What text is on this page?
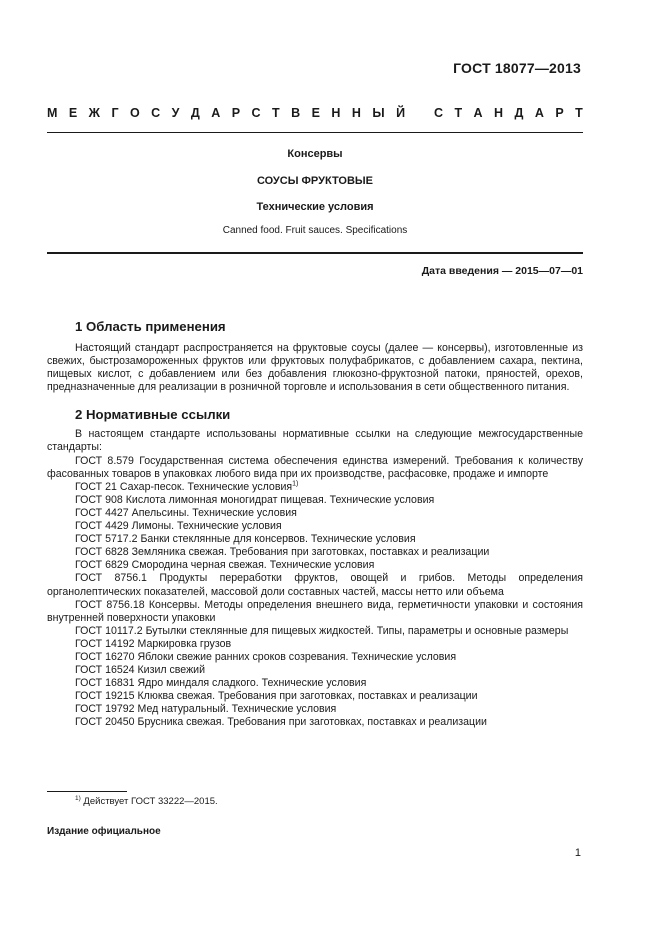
ГОСТ 18077—2013
М Е Ж Г О С У Д А Р С Т В Е Н Н Ы Й С Т А Н Д А Р Т
Консервы
СОУСЫ ФРУКТОВЫЕ
Технические условия
Canned food. Fruit sauces. Specifications
Дата введения — 2015—07—01
1 Область применения

Настоящий стандарт распространяется на фруктовые соусы (далее — консервы), изготовленные из свежих, быстрозамороженных фруктов или фруктовых полуфабрикатов, с добавлением сахара, пектина, пищевых кислот, с добавлением или без добавления глюкозно-фруктозной патоки, пряностей, орехов, предназначенные для реализации в розничной торговле и использования в сети общественного питания.

2 Нормативные ссылки

В настоящем стандарте использованы нормативные ссылки на следующие межгосударственные стандарты:

ГОСТ 8.579 Государственная система обеспечения единства измерений. Требования к количеству фасованных товаров в упаковках любого вида при их производстве, расфасовке, продаже и импорте
ГОСТ 21 Сахар-песок. Технические условия$^{1)}$
ГОСТ 908 Кислота лимонная моногидрат пищевая. Технические условия
ГОСТ 4427 Апельсины. Технические условия
ГОСТ 4429 Лимоны. Технические условия
ГОСТ 5717.2 Банки стеклянные для консервов. Технические условия
ГОСТ 6828 Земляника свежая. Требования при заготовках, поставках и реализации
ГОСТ 6829 Смородина черная свежая. Технические условия
ГОСТ 8756.1 Продукты переработки фруктов, овощей и грибов. Методы определения органолептических показателей, массовой доли составных частей, массы нетто или объема
ГОСТ 8756.18 Консервы. Методы определения внешнего вида, герметичности упаковки и состояния внутренней поверхности упаковки
ГОСТ 10117.2 Бутылки стеклянные для пищевых жидкостей. Типы, параметры и основные размеры
ГОСТ 14192 Маркировка грузов
ГОСТ 16270 Яблоки свежие ранних сроков созревания. Технические условия
ГОСТ 16524 Кизил свежий
ГОСТ 16831 Ядро миндаля сладкого. Технические условия
ГОСТ 19215 Клюква свежая. Требования при заготовках, поставках и реализации
ГОСТ 19792 Мед натуральный. Технические условия
ГОСТ 20450 Брусника свежая. Требования при заготовках, поставках и реализации
$^{1)}$ Действует ГОСТ 33222—2015.
Издание официальное
1
